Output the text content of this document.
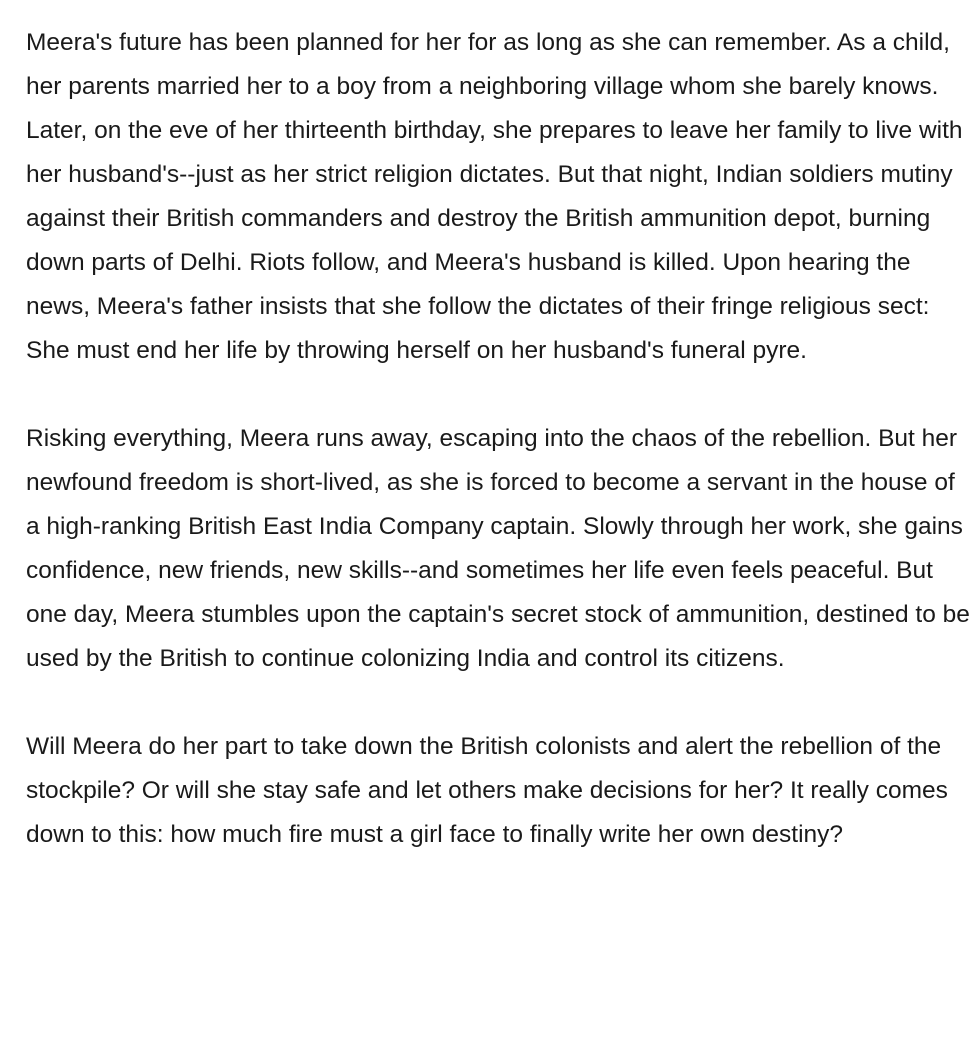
Meera's future has been planned for her for as long as she can remember. As a child, her parents married her to a boy from a neighboring village whom she barely knows. Later, on the eve of her thirteenth birthday, she prepares to leave her family to live with her husband's--just as her strict religion dictates. But that night, Indian soldiers mutiny against their British commanders and destroy the British ammunition depot, burning down parts of Delhi. Riots follow, and Meera's husband is killed. Upon hearing the news, Meera's father insists that she follow the dictates of their fringe religious sect: She must end her life by throwing herself on her husband's funeral pyre.

Risking everything, Meera runs away, escaping into the chaos of the rebellion. But her newfound freedom is short-lived, as she is forced to become a servant in the house of a high-ranking British East India Company captain. Slowly through her work, she gains confidence, new friends, new skills--and sometimes her life even feels peaceful. But one day, Meera stumbles upon the captain's secret stock of ammunition, destined to be used by the British to continue colonizing India and control its citizens.

Will Meera do her part to take down the British colonists and alert the rebellion of the stockpile? Or will she stay safe and let others make decisions for her? It really comes down to this: how much fire must a girl face to finally write her own destiny?
